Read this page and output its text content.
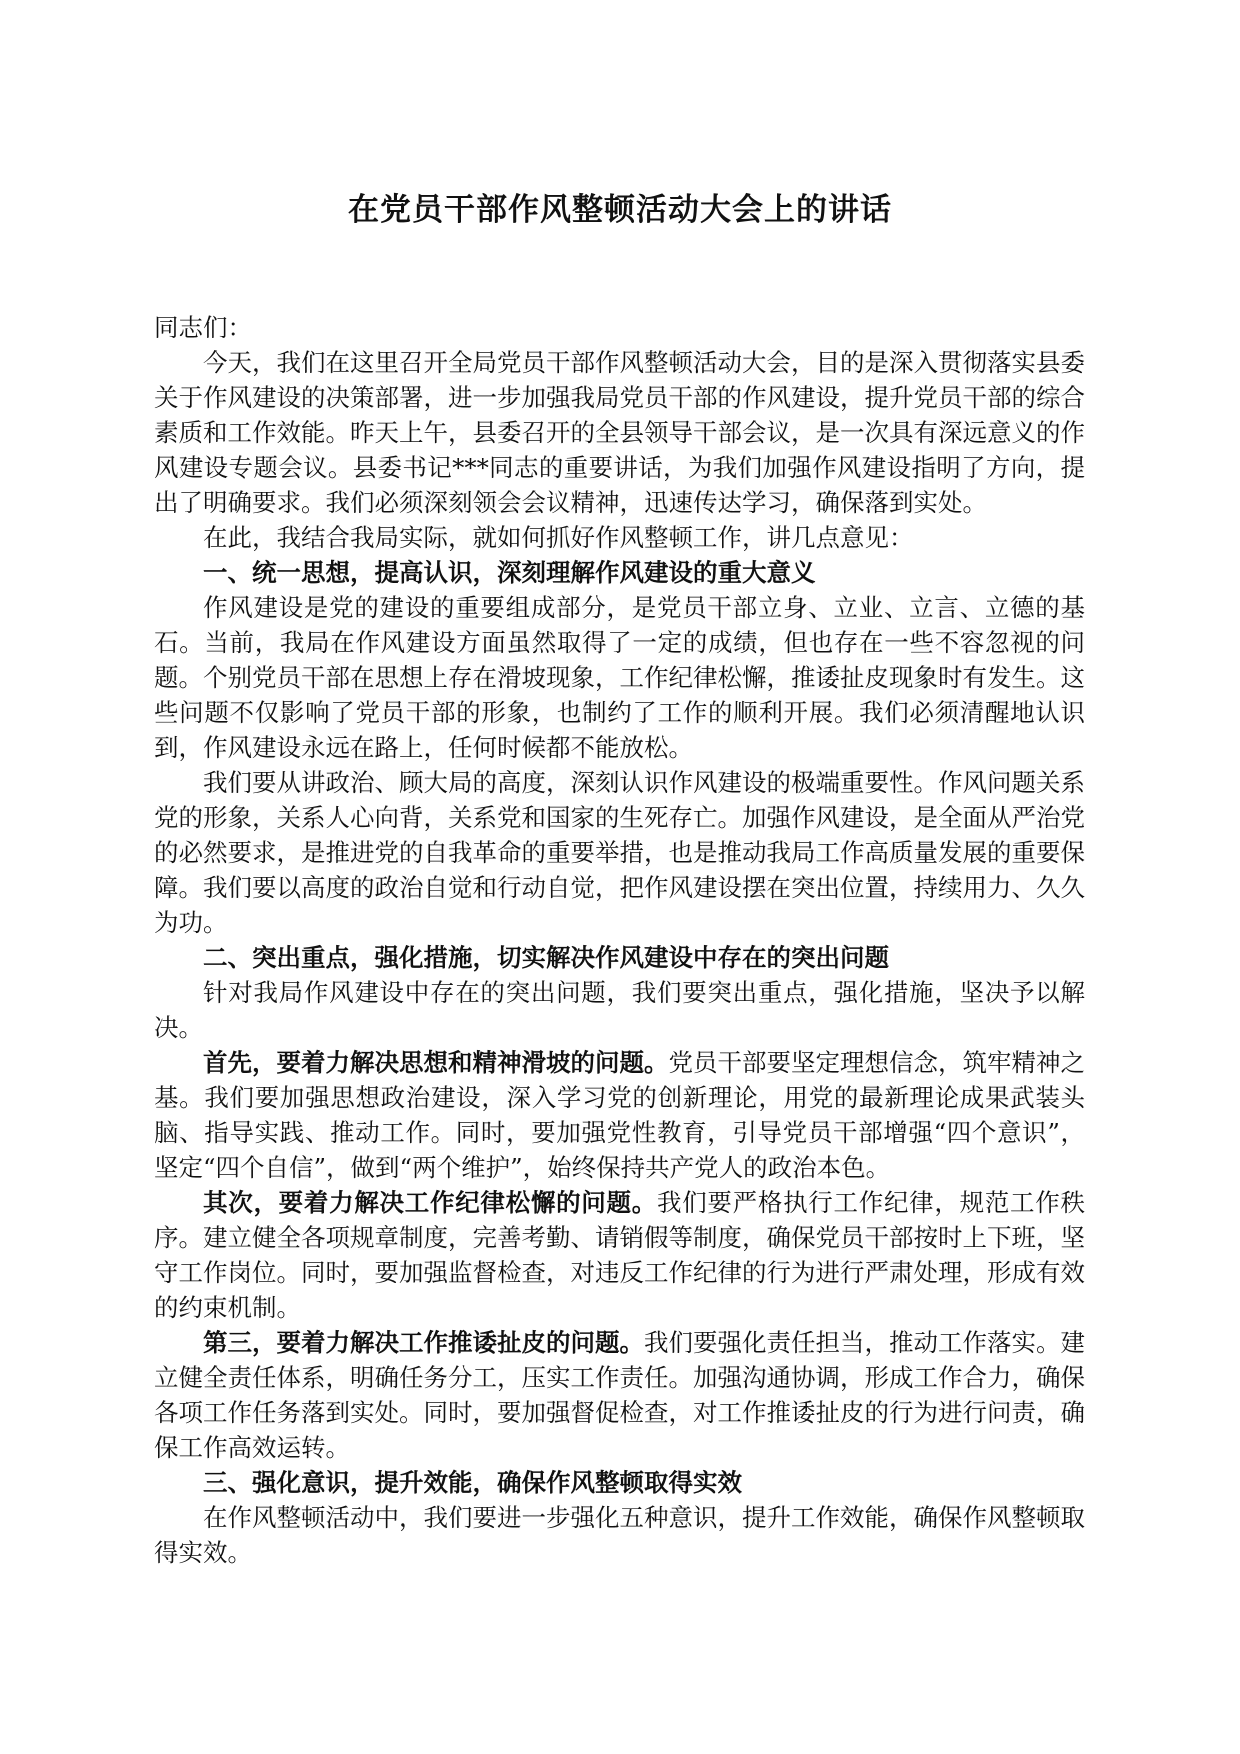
在党员干部作风整顿活动大会上的讲话

同志们：

今天，我们在这里召开全局党员干部作风整顿活动大会，目的是深入贯彻落实县委关于作风建设的决策部署，进一步加强我局党员干部的作风建设，提升党员干部的综合素质和工作效能。昨天上午，县委召开的全县领导干部会议，是一次具有深远意义的作风建设专题会议。县委书记***同志的重要讲话，为我们加强作风建设指明了方向，提出了明确要求。我们必须深刻领会会议精神，迅速传达学习，确保落到实处。

在此，我结合我局实际，就如何抓好作风整顿工作，讲几点意见：

一、统一思想，提高认识，深刻理解作风建设的重大意义

作风建设是党的建设的重要组成部分，是党员干部立身、立业、立言、立德的基石。当前，我局在作风建设方面虽然取得了一定的成绩，但也存在一些不容忽视的问题。个别党员干部在思想上存在滑坡现象，工作纪律松懈，推诿扯皮现象时有发生。这些问题不仅影响了党员干部的形象，也制约了工作的顺利开展。我们必须清醒地认识到，作风建设永远在路上，任何时候都不能放松。

我们要从讲政治、顾大局的高度，深刻认识作风建设的极端重要性。作风问题关系党的形象，关系人心向背，关系党和国家的生死存亡。加强作风建设，是全面从严治党的必然要求，是推进党的自我革命的重要举措，也是推动我局工作高质量发展的重要保障。我们要以高度的政治自觉和行动自觉，把作风建设摆在突出位置，持续用力、久久为功。

二、突出重点，强化措施，切实解决作风建设中存在的突出问题

针对我局作风建设中存在的突出问题，我们要突出重点，强化措施，坚决予以解决。

首先，要着力解决思想和精神滑坡的问题。党员干部要坚定理想信念，筑牢精神之基。我们要加强思想政治建设，深入学习党的创新理论，用党的最新理论成果武装头脑、指导实践、推动工作。同时，要加强党性教育，引导党员干部增强“四个意识”，坚定“四个自信”，做到“两个维护”，始终保持共产党人的政治本色。

其次，要着力解决工作纪律松懈的问题。我们要严格执行工作纪律，规范工作秩序。建立健全各项规章制度，完善考勤、请销假等制度，确保党员干部按时上下班，坚守工作岗位。同时，要加强监督检查，对违反工作纪律的行为进行严肃处理，形成有效的约束机制。

第三，要着力解决工作推诿扯皮的问题。我们要强化责任担当，推动工作落实。建立健全责任体系，明确任务分工，压实工作责任。加强沟通协调，形成工作合力，确保各项工作任务落到实处。同时，要加强督促检查，对工作推诿扯皮的行为进行问责，确保工作高效运转。

三、强化意识，提升效能，确保作风整顿取得实效

在作风整顿活动中，我们要进一步强化五种意识，提升工作效能，确保作风整顿取得实效。
